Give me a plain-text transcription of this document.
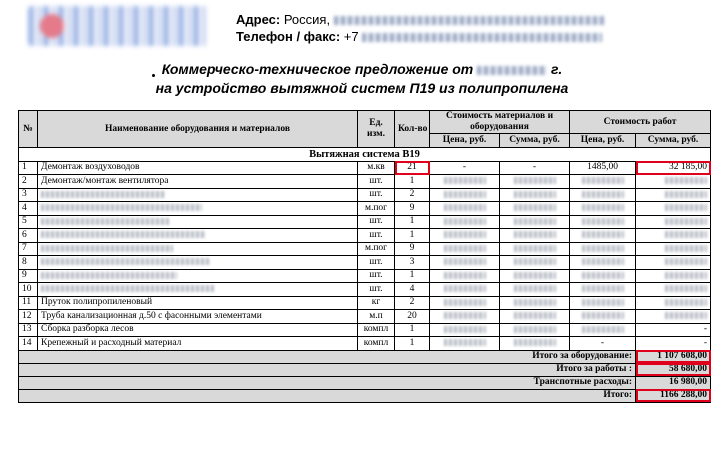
Адрес: Россия,
Телефон / факс: +7
Коммерческо-техническое предложение от	г.
на устройство вытяжной систем П19 из полипропилена
№	Наименование оборудования и материалов	Ед. изм.	Кол-во	Стоимость материалов и оборудования		Стоимость работ	
				Цена, руб.	Сумма, руб.	Цена, руб.	Сумма, руб.
Вытяжная система В19							
1	Демонтаж воздуховодов	м.кв	21	-	-	1485,00	32 185,00
2	Демонтаж/монтаж вентилятора	шт.	1				
3		шт.	2				
4		м.пог	9				
5		шт.	1				
6		шт.	1				
7		м.пог	9				
8		шт.	3				
9		шт.	1				
10		шт.	4				
11	Пруток полипропиленовый	кг	2				
12	Труба канализационная д.50 с фасонными элементами	м.п	20				
13	Сборка разборка лесов	компл	1				-
14	Крепежный и расходный материал	компл	1			-	-
Итого за оборудование:							1 107 608,00
Итого за работы :							58 680,00
Транспотные расходы:							16 980,00
Итого:							1166 288,00
